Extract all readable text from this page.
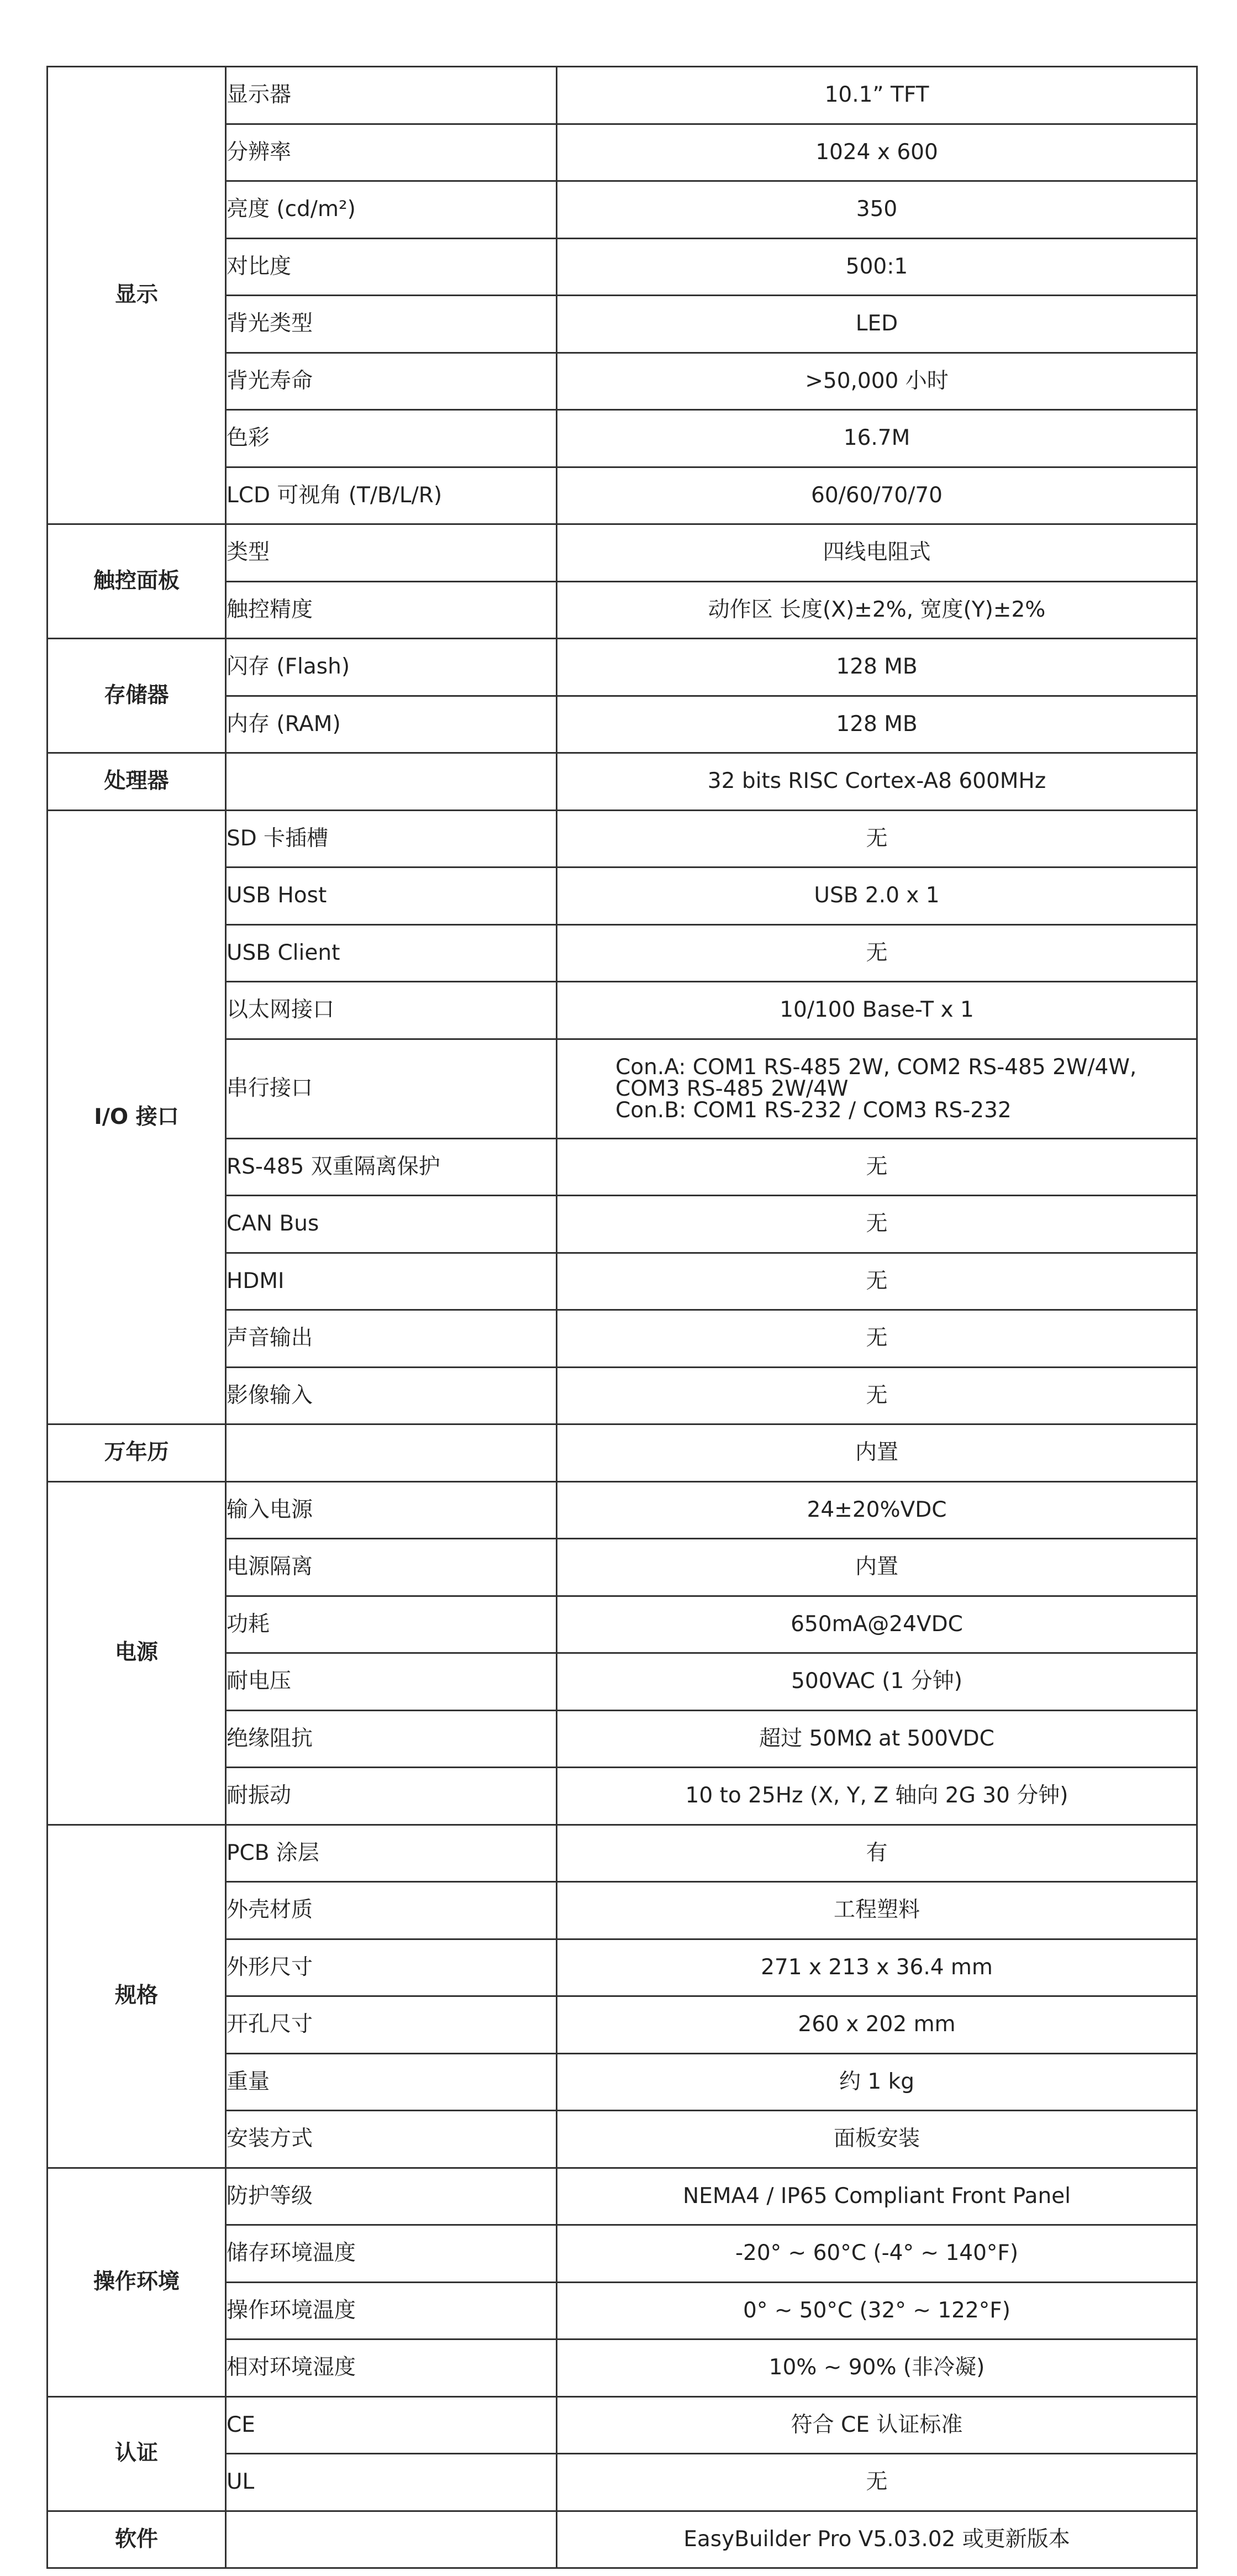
显示	显示器	10.1” TFT
	分辨率	1024 x 600
	亮度 (cd/m²)	350
	对比度	500:1
	背光类型	LED
	背光寿命	>50,000 小时
	色彩	16.7M
	LCD 可视角 (T/B/L/R)	60/60/70/70
触控面板	类型	四线电阻式
	触控精度	动作区 长度(X)±2%, 宽度(Y)±2%
存储器	闪存 (Flash)	128 MB
	内存 (RAM)	128 MB
处理器		32 bits RISC Cortex-A8 600MHz
I/O 接口	SD 卡插槽	无
	USB Host	USB 2.0 x 1
	USB Client	无
	以太网接口	10/100 Base-T x 1
	串行接口	Con.A: COM1 RS-485 2W, COM2 RS-485 2W/4W,
COM3 RS-485 2W/4W
Con.B: COM1 RS-232 / COM3 RS-232
	RS-485 双重隔离保护	无
	CAN Bus	无
	HDMI	无
	声音输出	无
	影像输入	无
万年历		内置
电源	输入电源	24±20%VDC
	电源隔离	内置
	功耗	650mA@24VDC
	耐电压	500VAC (1 分钟)
	绝缘阻抗	超过 50MΩ at 500VDC
	耐振动	10 to 25Hz (X, Y, Z 轴向 2G 30 分钟)
规格	PCB 涂层	有
	外壳材质	工程塑料
	外形尺寸	271 x 213 x 36.4 mm
	开孔尺寸	260 x 202 mm
	重量	约 1 kg
	安装方式	面板安装
操作环境	防护等级	NEMA4 / IP65 Compliant Front Panel
	储存环境温度	-20° ~ 60°C (-4° ~ 140°F)
	操作环境温度	0° ~ 50°C (32° ~ 122°F)
	相对环境湿度	10% ~ 90% (非冷凝)
认证	CE	符合 CE 认证标准
	UL	无
软件		EasyBuilder Pro V5.03.02 或更新版本
